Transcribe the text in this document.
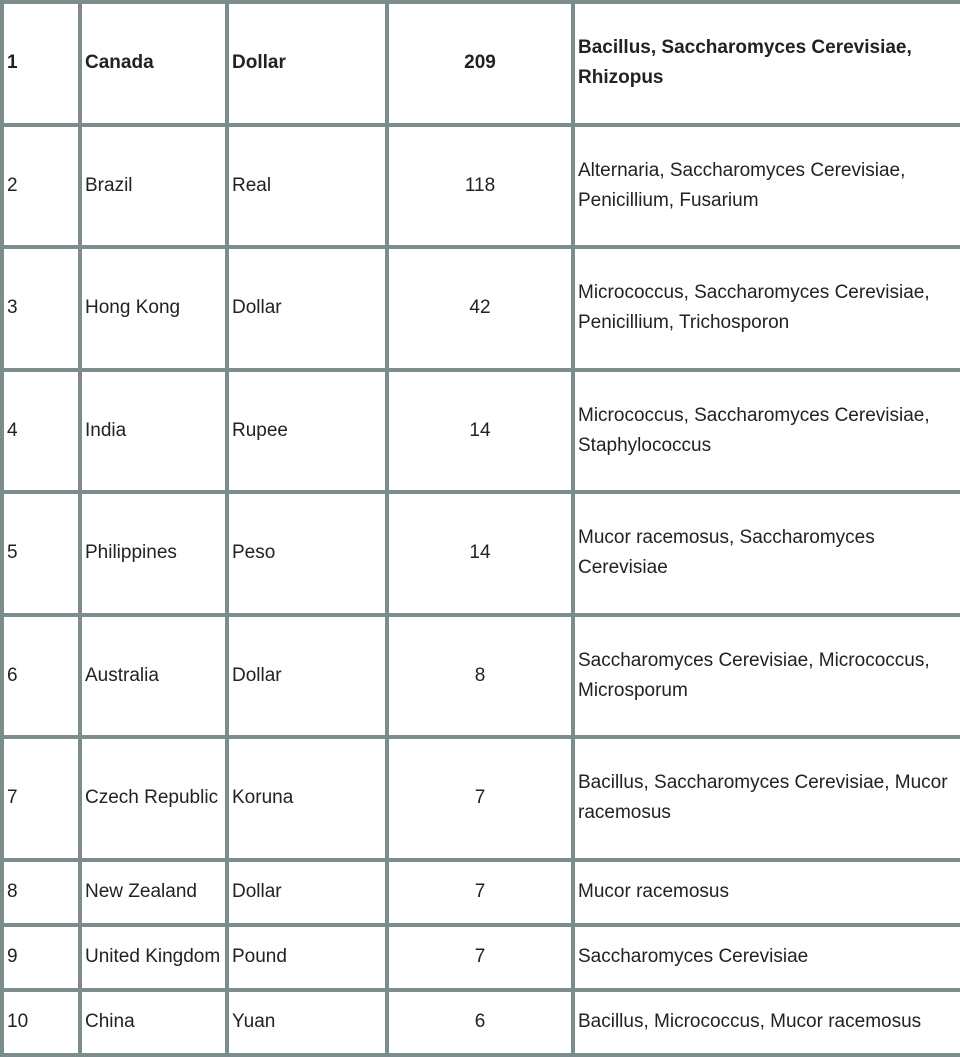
1	Canada	Dollar	209	Bacillus, Saccharomyces Cerevisiae, Rhizopus
2	Brazil	Real	118	Alternaria, Saccharomyces Cerevisiae, Penicillium, Fusarium
3	Hong Kong	Dollar	42	Micrococcus, Saccharomyces Cerevisiae, Penicillium, Trichosporon
4	India	Rupee	14	Micrococcus, Saccharomyces Cerevisiae, Staphylococcus
5	Philippines	Peso	14	Mucor racemosus, Saccharomyces Cerevisiae
6	Australia	Dollar	8	Saccharomyces Cerevisiae, Micrococcus, Microsporum
7	Czech Republic	Koruna	7	Bacillus, Saccharomyces Cerevisiae, Mucor racemosus
8	New Zealand	Dollar	7	Mucor racemosus
9	United Kingdom	Pound	7	Saccharomyces Cerevisiae
10	China	Yuan	6	Bacillus, Micrococcus, Mucor racemosus
